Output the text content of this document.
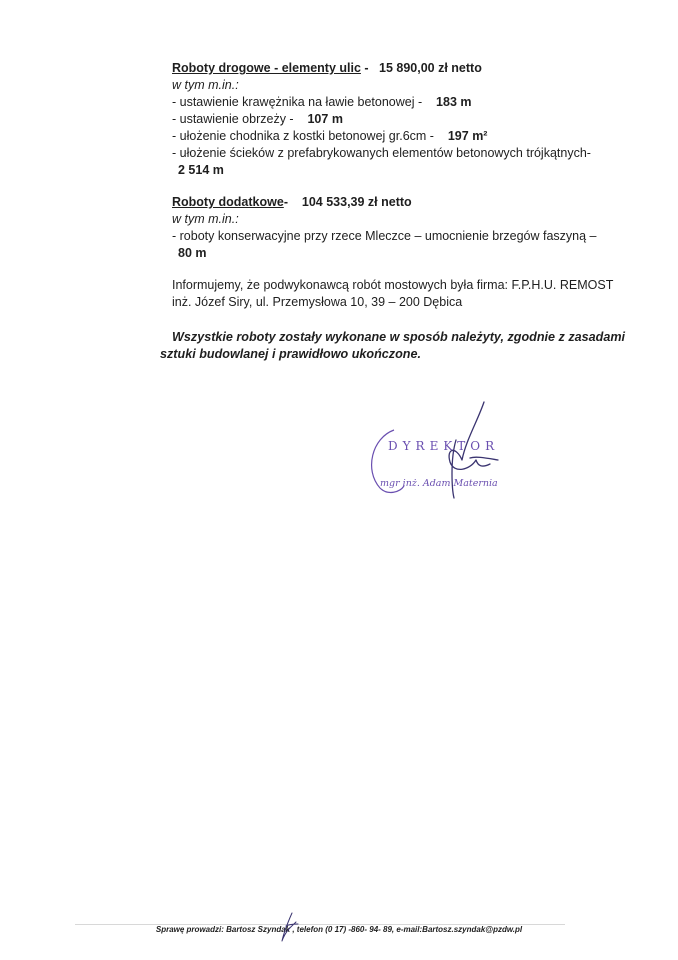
Roboty drogowe - elementy ulic - 15 890,00 zł netto
w tym m.in.:
- ustawienie krawężnika na ławie betonowej - 183 m
- ustawienie obrzeży - 107 m
- ułożenie chodnika z kostki betonowej gr.6cm - 197 m²
- ułożenie ścieków z prefabrykowanych elementów betonowych trójkątnych-
2 514 m
Roboty dodatkowe- 104 533,39 zł netto
w tym m.in.:
- roboty konserwacyjne przy rzece Mleczce – umocnienie brzegów faszyną –
80 m
Informujemy, że podwykonawcą robót mostowych była firma: F.P.H.U. REMOST
inż. Józef Siry, ul. Przemysłowa 10, 39 – 200 Dębica
Wszystkie roboty zostały wykonane w sposób należyty, zgodnie z zasadami
sztuki budowlanej i prawidłowo ukończone.
DYREKTOR
mgr inż. Adam Maternia
Sprawę prowadzi: Bartosz Szyndak , telefon (0 17) -860- 94- 89, e-mail:Bartosz.szyndak@pzdw.pl
